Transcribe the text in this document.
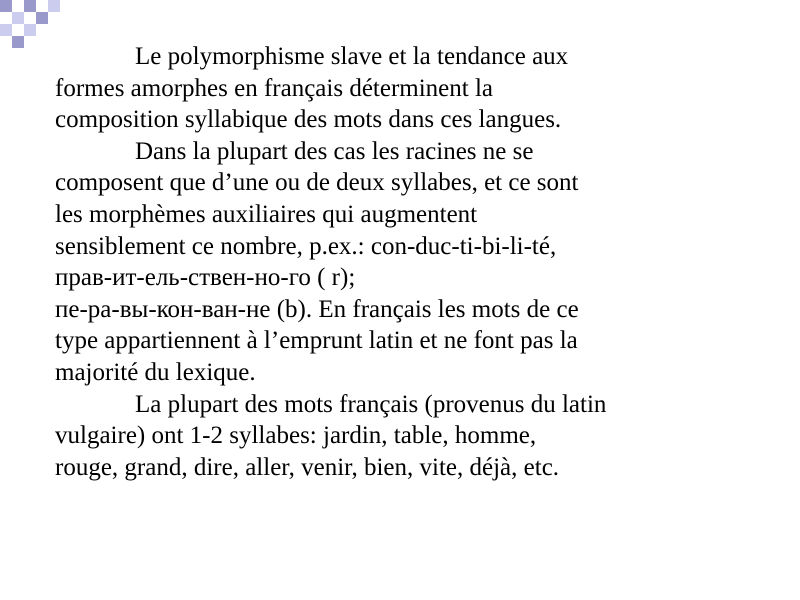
Le polymorphisme slave et la tendance aux
formes amorphes en français déterminent la
composition syllabique des mots dans ces langues.

Dans la plupart des cas les racines ne se
composent que d’une ou de deux syllabes, et ce sont
les morphèmes auxiliaires qui augmentent
sensiblement ce nombre, p.ex.: con-duc-ti-bi-li-té,
прав-ит-ель-ствен-но-го ( r);
пе-ра-вы-кон-ван-не (b). En français les mots de ce
type appartiennent à l’emprunt latin et ne font pas la
majorité du lexique.

La plupart des mots français (provenus du latin
vulgaire) ont 1-2 syllabes: jardin, table, homme,
rouge, grand, dire, aller, venir, bien, vite, déjà, etc.
